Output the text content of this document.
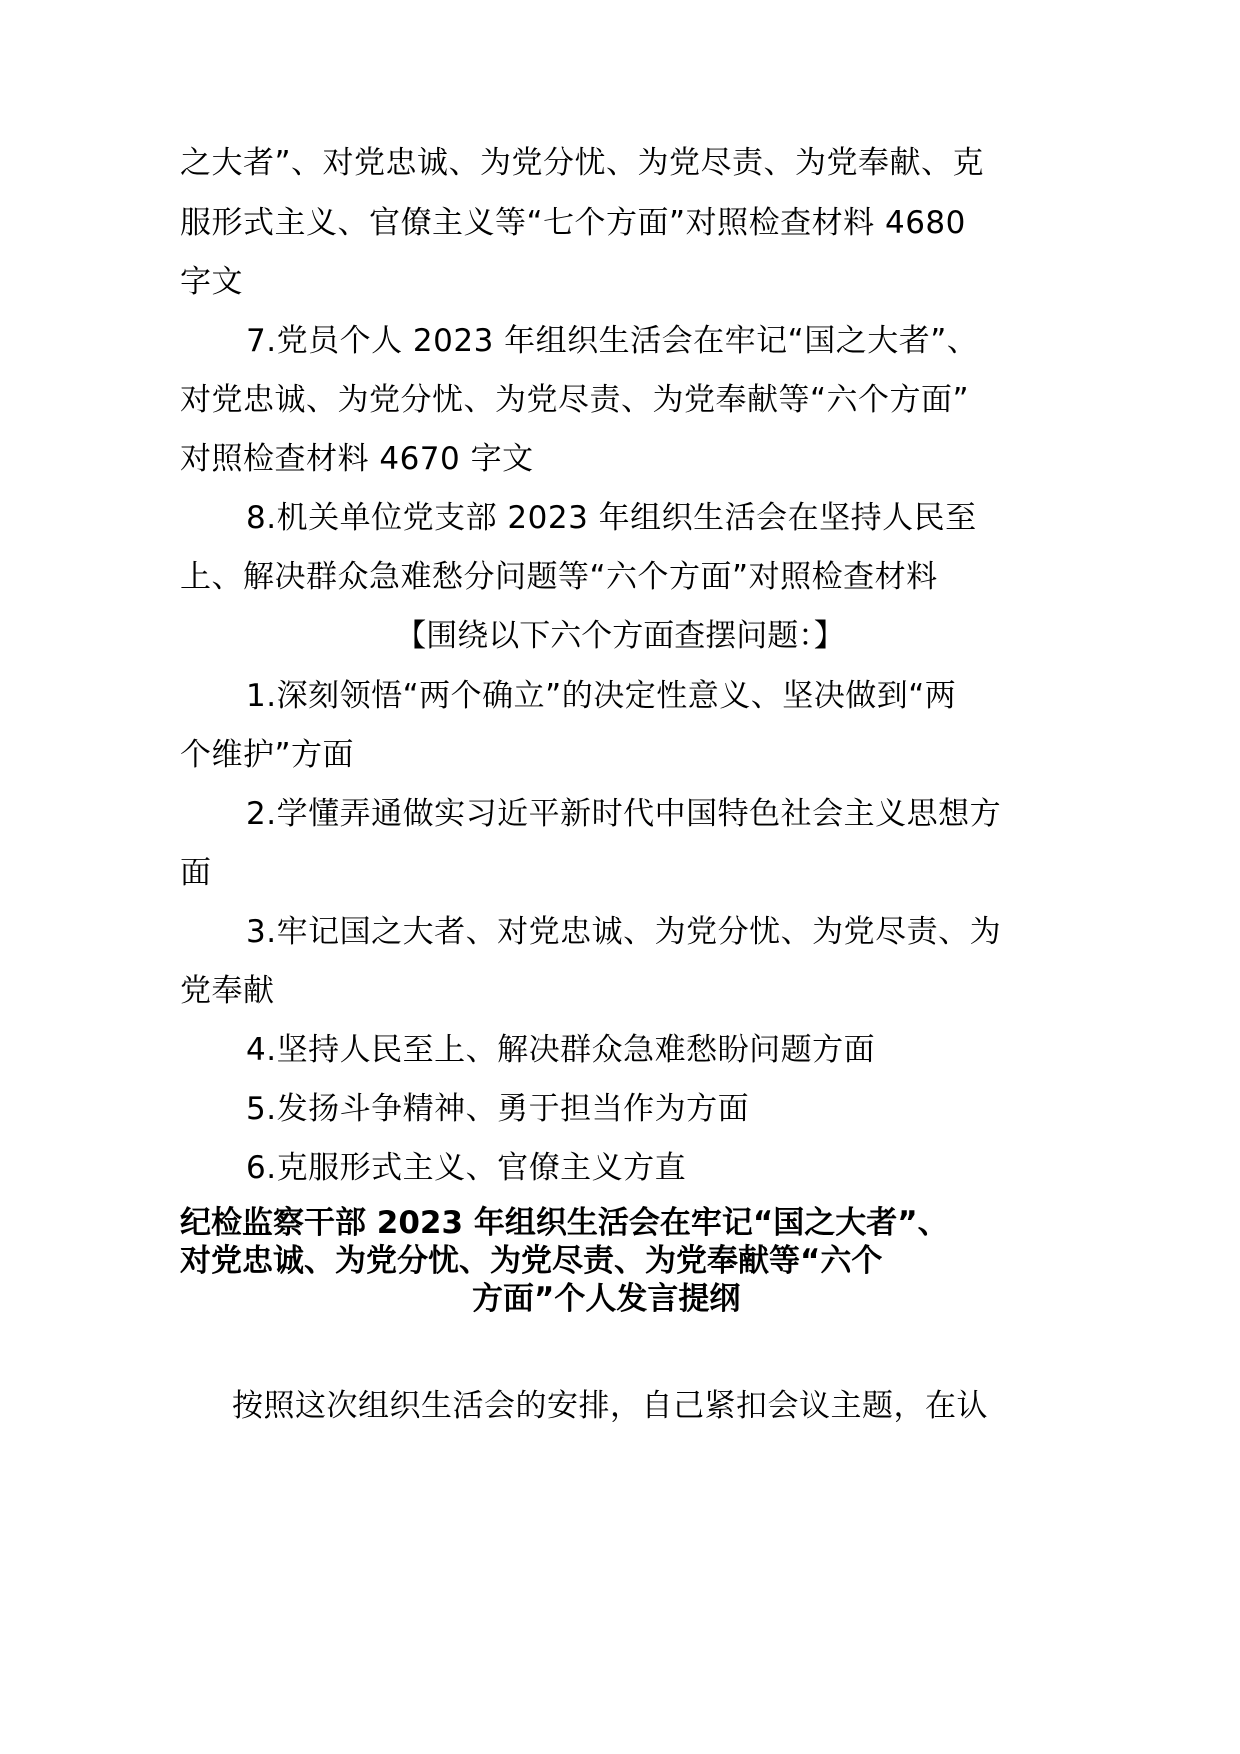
之大者”、对党忠诚、为党分忧、为党尽责、为党奉献、克
服形式主义、官僚主义等“七个方面”对照检查材料 4680
字文
7.党员个人 2023 年组织生活会在牢记“国之大者”、
对党忠诚、为党分忧、为党尽责、为党奉献等“六个方面”
对照检查材料 4670 字文
8.机关单位党支部 2023 年组织生活会在坚持人民至
上、解决群众急难愁分问题等“六个方面”对照检查材料
【围绕以下六个方面查摆问题：】
1.深刻领悟“两个确立”的决定性意义、坚决做到“两
个维护”方面
2.学懂弄通做实习近平新时代中国特色社会主义思想方
面
3.牢记国之大者、对党忠诚、为党分忧、为党尽责、为
党奉献
4.坚持人民至上、解决群众急难愁盼问题方面
5.发扬斗争精神、勇于担当作为方面
6.克服形式主义、官僚主义方直
纪检监察干部 2023 年组织生活会在牢记“国之大者”、
对党忠诚、为党分忧、为党尽责、为党奉献等“六个
方面”个人发言提纲
按照这次组织生活会的安排，自己紧扣会议主题，在认
